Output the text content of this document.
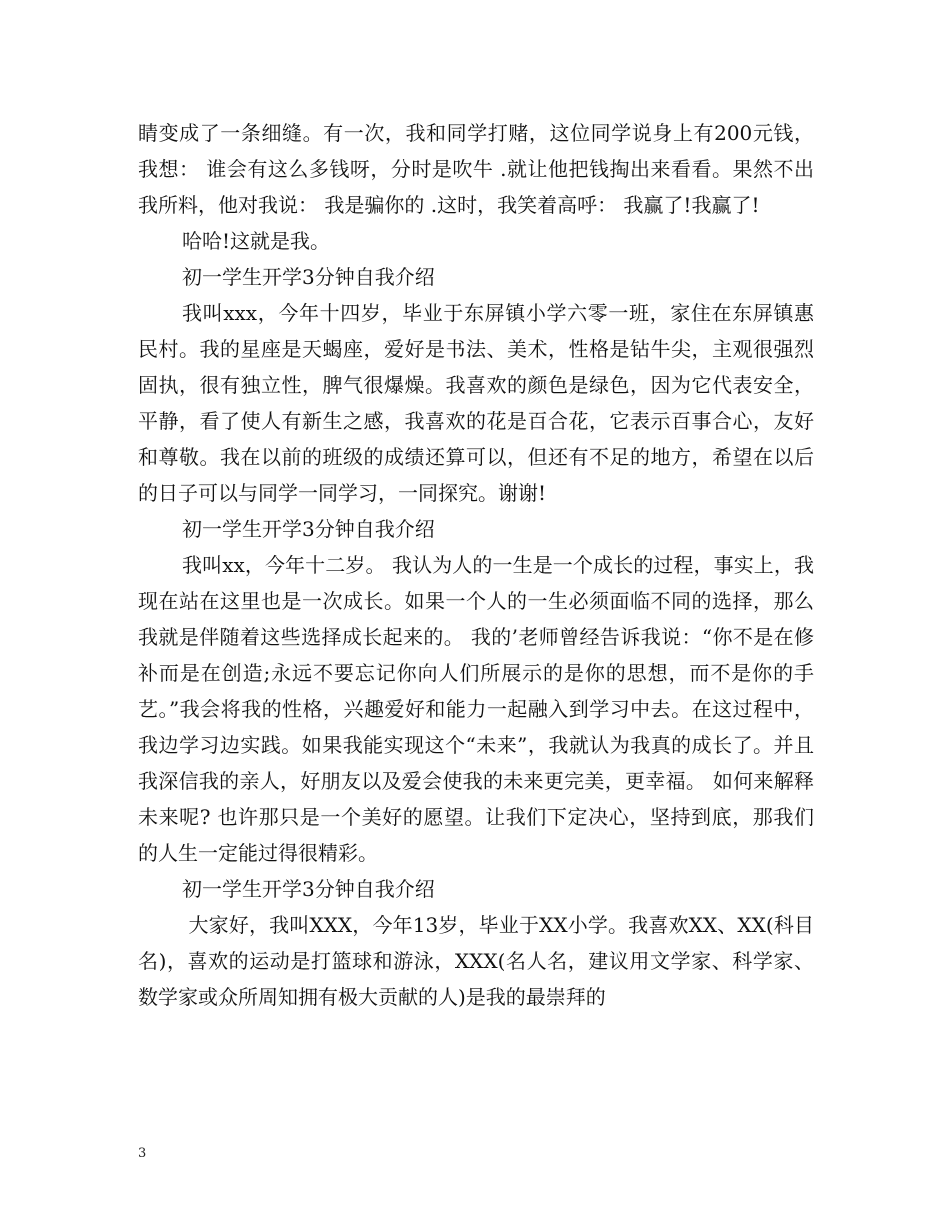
睛变成了一条细缝。有一次，我和同学打赌，这位同学说身上有200元钱，我想： 谁会有这么多钱呀，分时是吹牛 .就让他把钱掏出来看看。果然不出我所料，他对我说： 我是骗你的 .这时，我笑着高呼： 我赢了!我赢了!

哈哈!这就是我。

初一学生开学3分钟自我介绍

我叫xxx，今年十四岁，毕业于东屏镇小学六零一班，家住在东屏镇惠民村。我的星座是天蝎座，爱好是书法、美术，性格是钻牛尖，主观很强烈固执，很有独立性，脾气很爆燥。我喜欢的颜色是绿色，因为它代表安全，平静，看了使人有新生之感，我喜欢的花是百合花，它表示百事合心，友好和尊敬。我在以前的班级的成绩还算可以，但还有不足的地方，希望在以后的日子可以与同学一同学习，一同探究。谢谢!

初一学生开学3分钟自我介绍

我叫xx，今年十二岁。 我认为人的一生是一个成长的过程，事实上，我现在站在这里也是一次成长。如果一个人的一生必须面临不同的选择，那么我就是伴随着这些选择成长起来的。 我的’老师曾经告诉我说：“你不是在修补而是在创造;永远不要忘记你向人们所展示的是你的思想，而不是你的手艺。”我会将我的性格，兴趣爱好和能力一起融入到学习中去。在这过程中，我边学习边实践。如果我能实现这个“未来”，我就认为我真的成长了。并且我深信我的亲人，好朋友以及爱会使我的未来更完美，更幸福。 如何来解释未来呢? 也许那只是一个美好的愿望。让我们下定决心，坚持到底，那我们的人生一定能过得很精彩。

初一学生开学3分钟自我介绍

大家好，我叫XXX，今年13岁，毕业于XX小学。我喜欢XX、XX(科目名)，喜欢的运动是打篮球和游泳，XXX(名人名，建议用文学家、科学家、数学家或众所周知拥有极大贡献的人)是我的最崇拜的

3
